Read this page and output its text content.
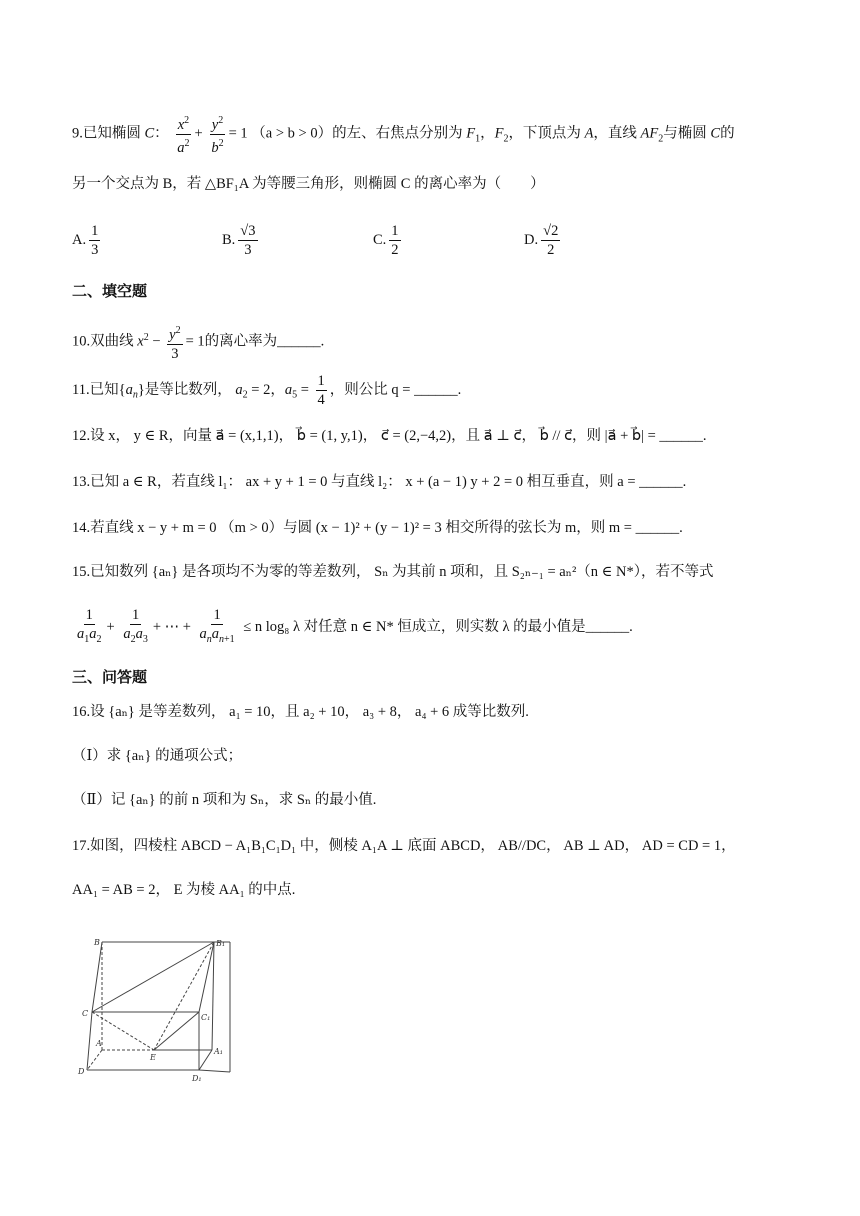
9.已知椭圆 C： $\frac{x^2}{a^2} + \frac{y^2}{b^2} = 1$ （a > b > 0）的左、右焦点分别为 $F_1$，$F_2$，下顶点为 A，直线 $AF_2$与椭圆 C的
另一个交点为 B，若 △BF₁A 为等腰三角形，则椭圆 C 的离心率为（　　）
A. $\frac{1}{3}$	B. $\frac{√3}{3}$	C. $\frac{1}{2}$	D. $\frac{√2}{2}$
二、填空题
10.双曲线 $x^2 - \frac{y^2}{3} = 1$的离心率为______.
11.已知$\{a_n\}$是等比数列， $a_2 = 2$，$a_5 = \frac{1}{4}$ ，则公比 q = ______.
12.设 x， y ∈ R，向量 a⃗ = (x,1,1)， b⃗ = (1, y,1)， c⃗ = (2,−4,2)，且 a⃗ ⊥ c⃗， b⃗ // c⃗，则 |a⃗ + b⃗| = ______.
13.已知 a ∈ R，若直线 l₁： ax + y + 1 = 0 与直线 l₂： x + (a − 1) y + 2 = 0 相互垂直，则 a = ______.
14.若直线 x − y + m = 0 （m > 0）与圆 (x − 1)² + (y − 1)² = 3 相交所得的弦长为 m，则 m = ______.
15.已知数列 {aₙ} 是各项均不为零的等差数列， Sₙ 为其前 n 项和，且 S₂ₙ₋₁ = aₙ²（n ∈ N*），若不等式
$\frac{1}{a_1a_2} + \frac{1}{a_2a_3}$ + ⋯ + $\frac{1}{a_na_{n+1}} \le n$ log₈ λ 对任意 n ∈ N* 恒成立，则实数 λ 的最小值是______.
三、问答题
16.设 {aₙ} 是等差数列， a₁ = 10，且 a₂ + 10， a₃ + 8， a₄ + 6 成等比数列.
（Ⅰ）求 {aₙ} 的通项公式；
（Ⅱ）记 {aₙ} 的前 n 项和为 Sₙ，求 Sₙ 的最小值.
17.如图，四棱柱 ABCD − A₁B₁C₁D₁ 中，侧棱 A₁A ⊥ 底面 ABCD， AB//DC， AB ⊥ AD， AD = CD = 1，
AA₁ = AB = 2， E 为棱 AA₁ 的中点.
B	B₁
C	C₁
A
E
A₁
D
D₁
